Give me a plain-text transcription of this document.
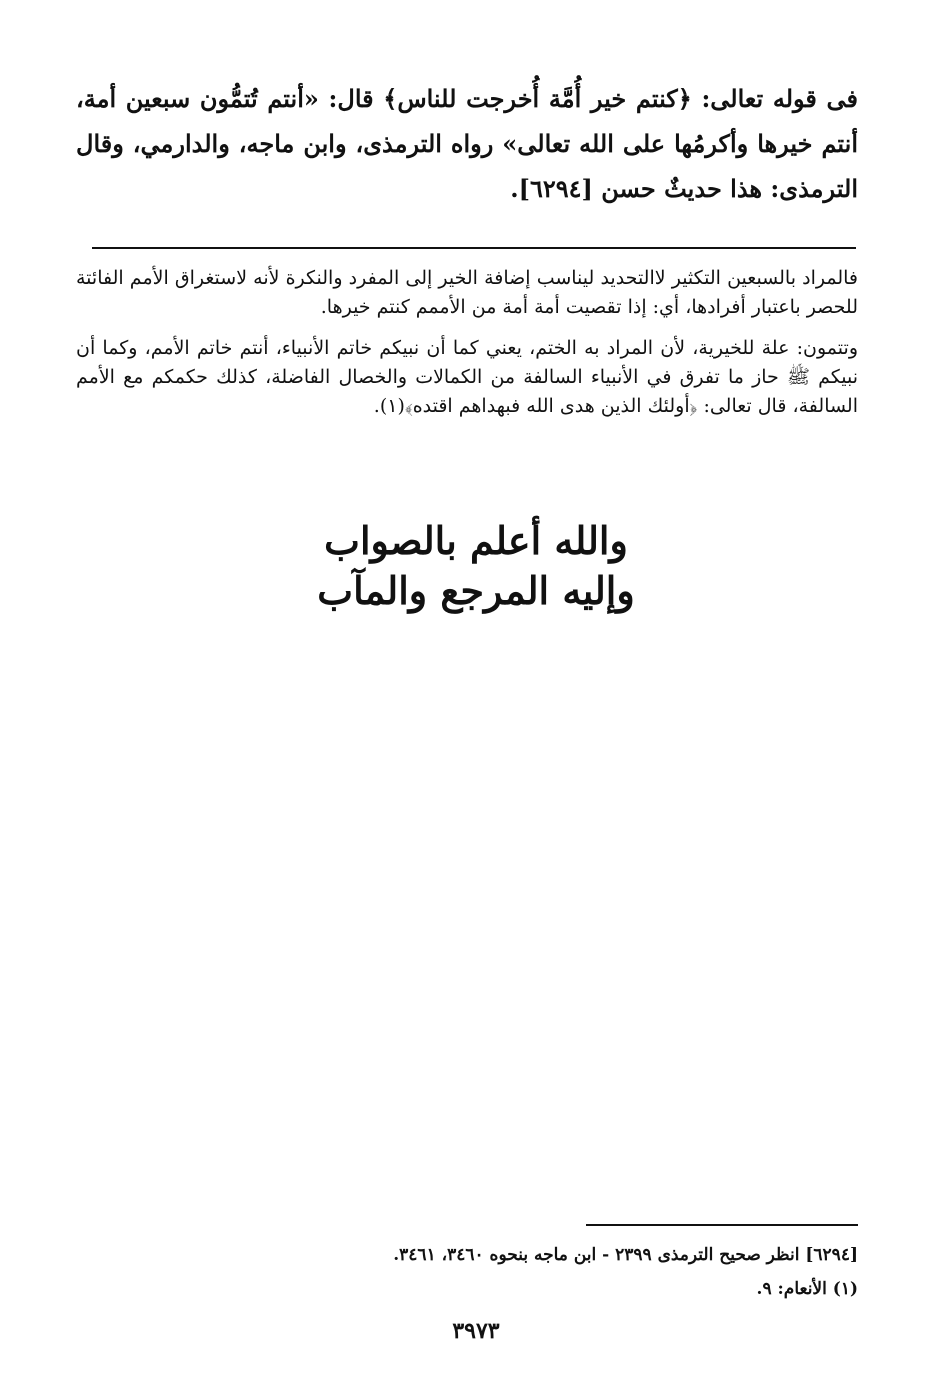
فى قوله تعالى: ﴿كنتم خير أُمَّة أُخرجت للناس﴾ قال: «أنتم تُتمُّون سبعين أمة، أنتم خيرها وأكرمُها على الله تعالى» رواه الترمذى، وابن ماجه، والدارمي، وقال الترمذى: هذا حديثٌ حسن [٦٢٩٤].

فالمراد بالسبعين التكثير لاالتحديد ليناسب إضافة الخير إلى المفرد والنكرة لأنه لاستغراق الأمم الفائتة للحصر باعتبار أفرادها، أي: إذا تقصيت أمة أمة من الأممم كنتم خيرها.

وتتمون: علة للخيرية، لأن المراد به الختم، يعني كما أن نبيكم خاتم الأنبياء، أنتم خاتم الأمم، وكما أن نبيكم ﷺ حاز ما تفرق في الأنبياء السالفة من الكمالات والخصال الفاضلة، كذلك حكمكم مع الأمم السالفة، قال تعالى: ﴿أولئك الذين هدى الله فبهداهم اقتده﴾(١).

والله أعلم بالصواب
وإليه المرجع والمآب
[٦٢٩٤] انظر صحيح الترمذى ٢٣٩٩ - ابن ماجه بنحوه ٣٤٦٠، ٣٤٦١.
(١) الأنعام: ٩.
٣٩٧٣
